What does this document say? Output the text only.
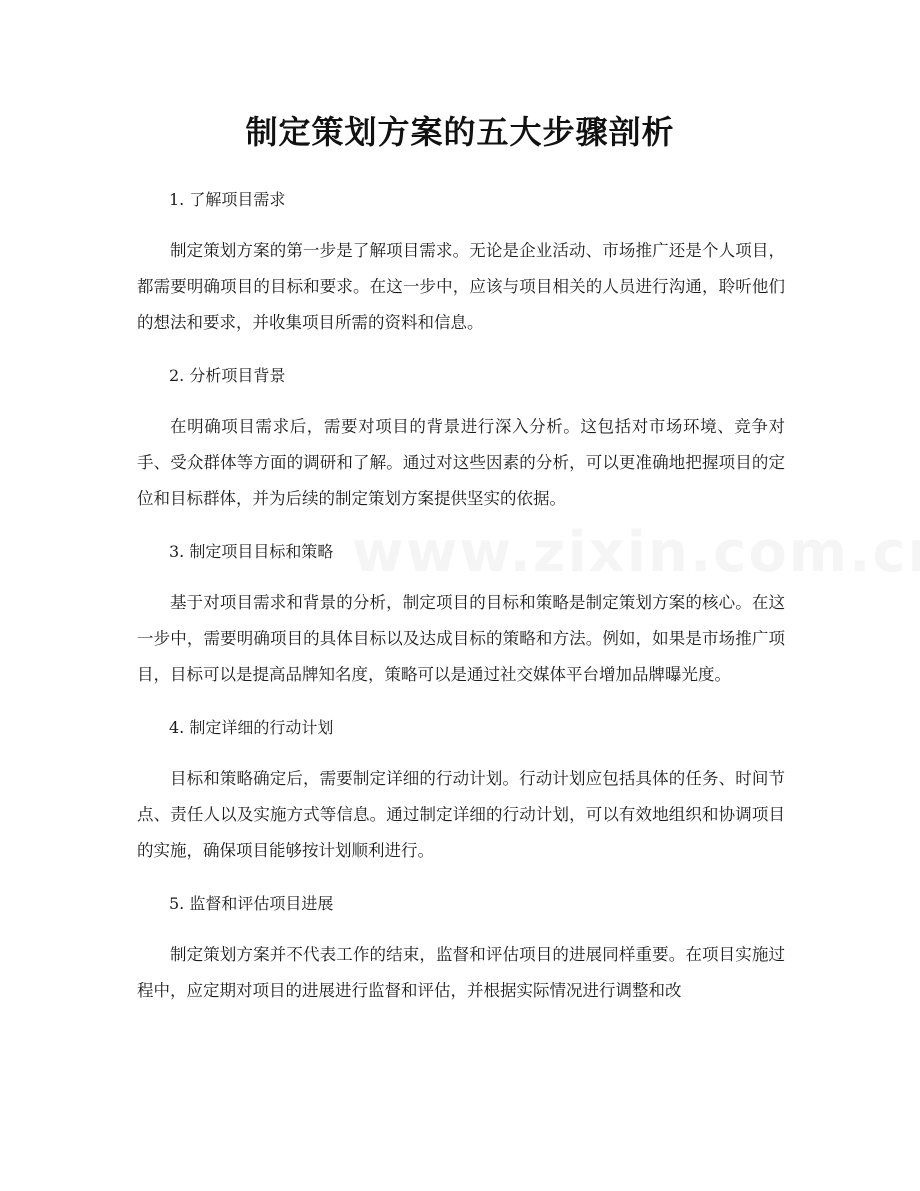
制定策划方案的五大步骤剖析

1. 了解项目需求

制定策划方案的第一步是了解项目需求。无论是企业活动、市场推广还是个人项目，都需要明确项目的目标和要求。在这一步中，应该与项目相关的人员进行沟通，聆听他们的想法和要求，并收集项目所需的资料和信息。

2. 分析项目背景

在明确项目需求后，需要对项目的背景进行深入分析。这包括对市场环境、竞争对手、受众群体等方面的调研和了解。通过对这些因素的分析，可以更准确地把握项目的定位和目标群体，并为后续的制定策划方案提供坚实的依据。

3. 制定项目目标和策略

基于对项目需求和背景的分析，制定项目的目标和策略是制定策划方案的核心。在这一步中，需要明确项目的具体目标以及达成目标的策略和方法。例如，如果是市场推广项目，目标可以是提高品牌知名度，策略可以是通过社交媒体平台增加品牌曝光度。

4. 制定详细的行动计划

目标和策略确定后，需要制定详细的行动计划。行动计划应包括具体的任务、时间节点、责任人以及实施方式等信息。通过制定详细的行动计划，可以有效地组织和协调项目的实施，确保项目能够按计划顺利进行。

5. 监督和评估项目进展

制定策划方案并不代表工作的结束，监督和评估项目的进展同样重要。在项目实施过程中，应定期对项目的进展进行监督和评估，并根据实际情况进行调整和改
